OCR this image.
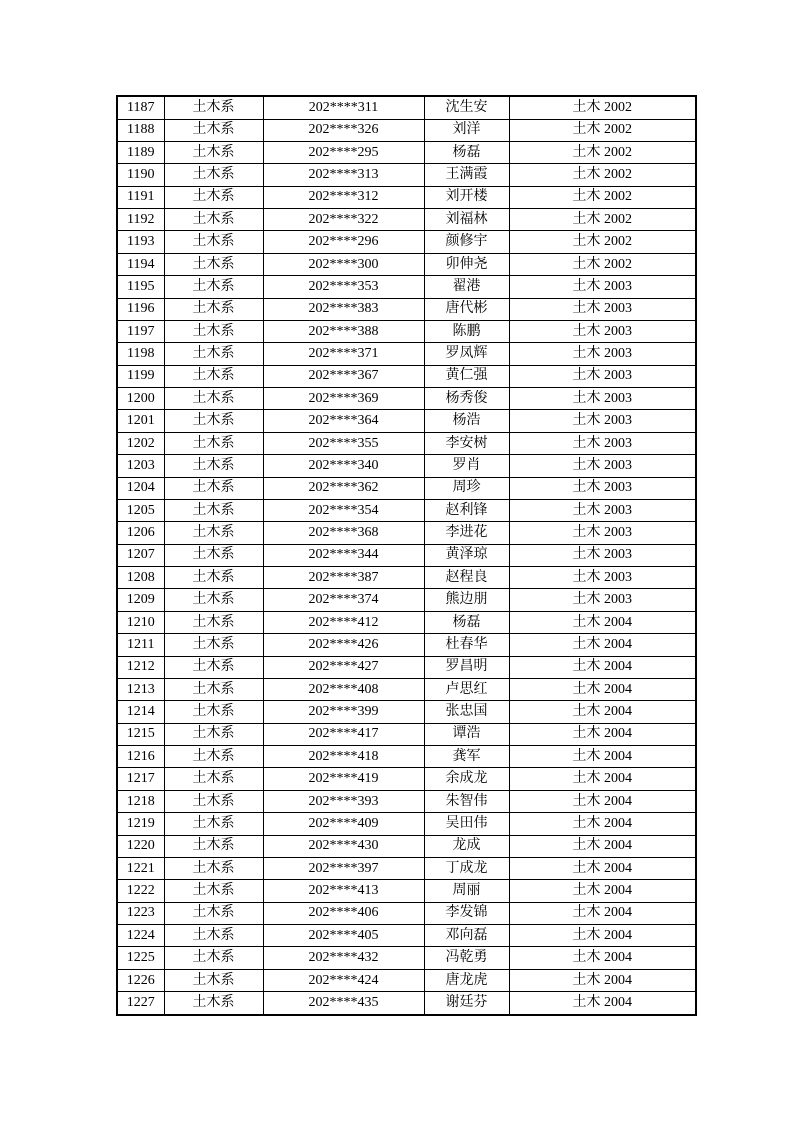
1187	土木系	202****311	沈生安	土木 2002
1188	土木系	202****326	刘洋	土木 2002
1189	土木系	202****295	杨磊	土木 2002
1190	土木系	202****313	王满霞	土木 2002
1191	土木系	202****312	刘开楼	土木 2002
1192	土木系	202****322	刘福林	土木 2002
1193	土木系	202****296	颜修宇	土木 2002
1194	土木系	202****300	卯伸尧	土木 2002
1195	土木系	202****353	翟港	土木 2003
1196	土木系	202****383	唐代彬	土木 2003
1197	土木系	202****388	陈鹏	土木 2003
1198	土木系	202****371	罗凤辉	土木 2003
1199	土木系	202****367	黄仁强	土木 2003
1200	土木系	202****369	杨秀俊	土木 2003
1201	土木系	202****364	杨浩	土木 2003
1202	土木系	202****355	李安树	土木 2003
1203	土木系	202****340	罗肖	土木 2003
1204	土木系	202****362	周珍	土木 2003
1205	土木系	202****354	赵利锋	土木 2003
1206	土木系	202****368	李进花	土木 2003
1207	土木系	202****344	黄泽琼	土木 2003
1208	土木系	202****387	赵程良	土木 2003
1209	土木系	202****374	熊边朋	土木 2003
1210	土木系	202****412	杨磊	土木 2004
1211	土木系	202****426	杜春华	土木 2004
1212	土木系	202****427	罗昌明	土木 2004
1213	土木系	202****408	卢思红	土木 2004
1214	土木系	202****399	张忠国	土木 2004
1215	土木系	202****417	谭浩	土木 2004
1216	土木系	202****418	龚军	土木 2004
1217	土木系	202****419	余成龙	土木 2004
1218	土木系	202****393	朱智伟	土木 2004
1219	土木系	202****409	吴田伟	土木 2004
1220	土木系	202****430	龙成	土木 2004
1221	土木系	202****397	丁成龙	土木 2004
1222	土木系	202****413	周丽	土木 2004
1223	土木系	202****406	李发锦	土木 2004
1224	土木系	202****405	邓向磊	土木 2004
1225	土木系	202****432	冯乾勇	土木 2004
1226	土木系	202****424	唐龙虎	土木 2004
1227	土木系	202****435	谢廷芬	土木 2004
